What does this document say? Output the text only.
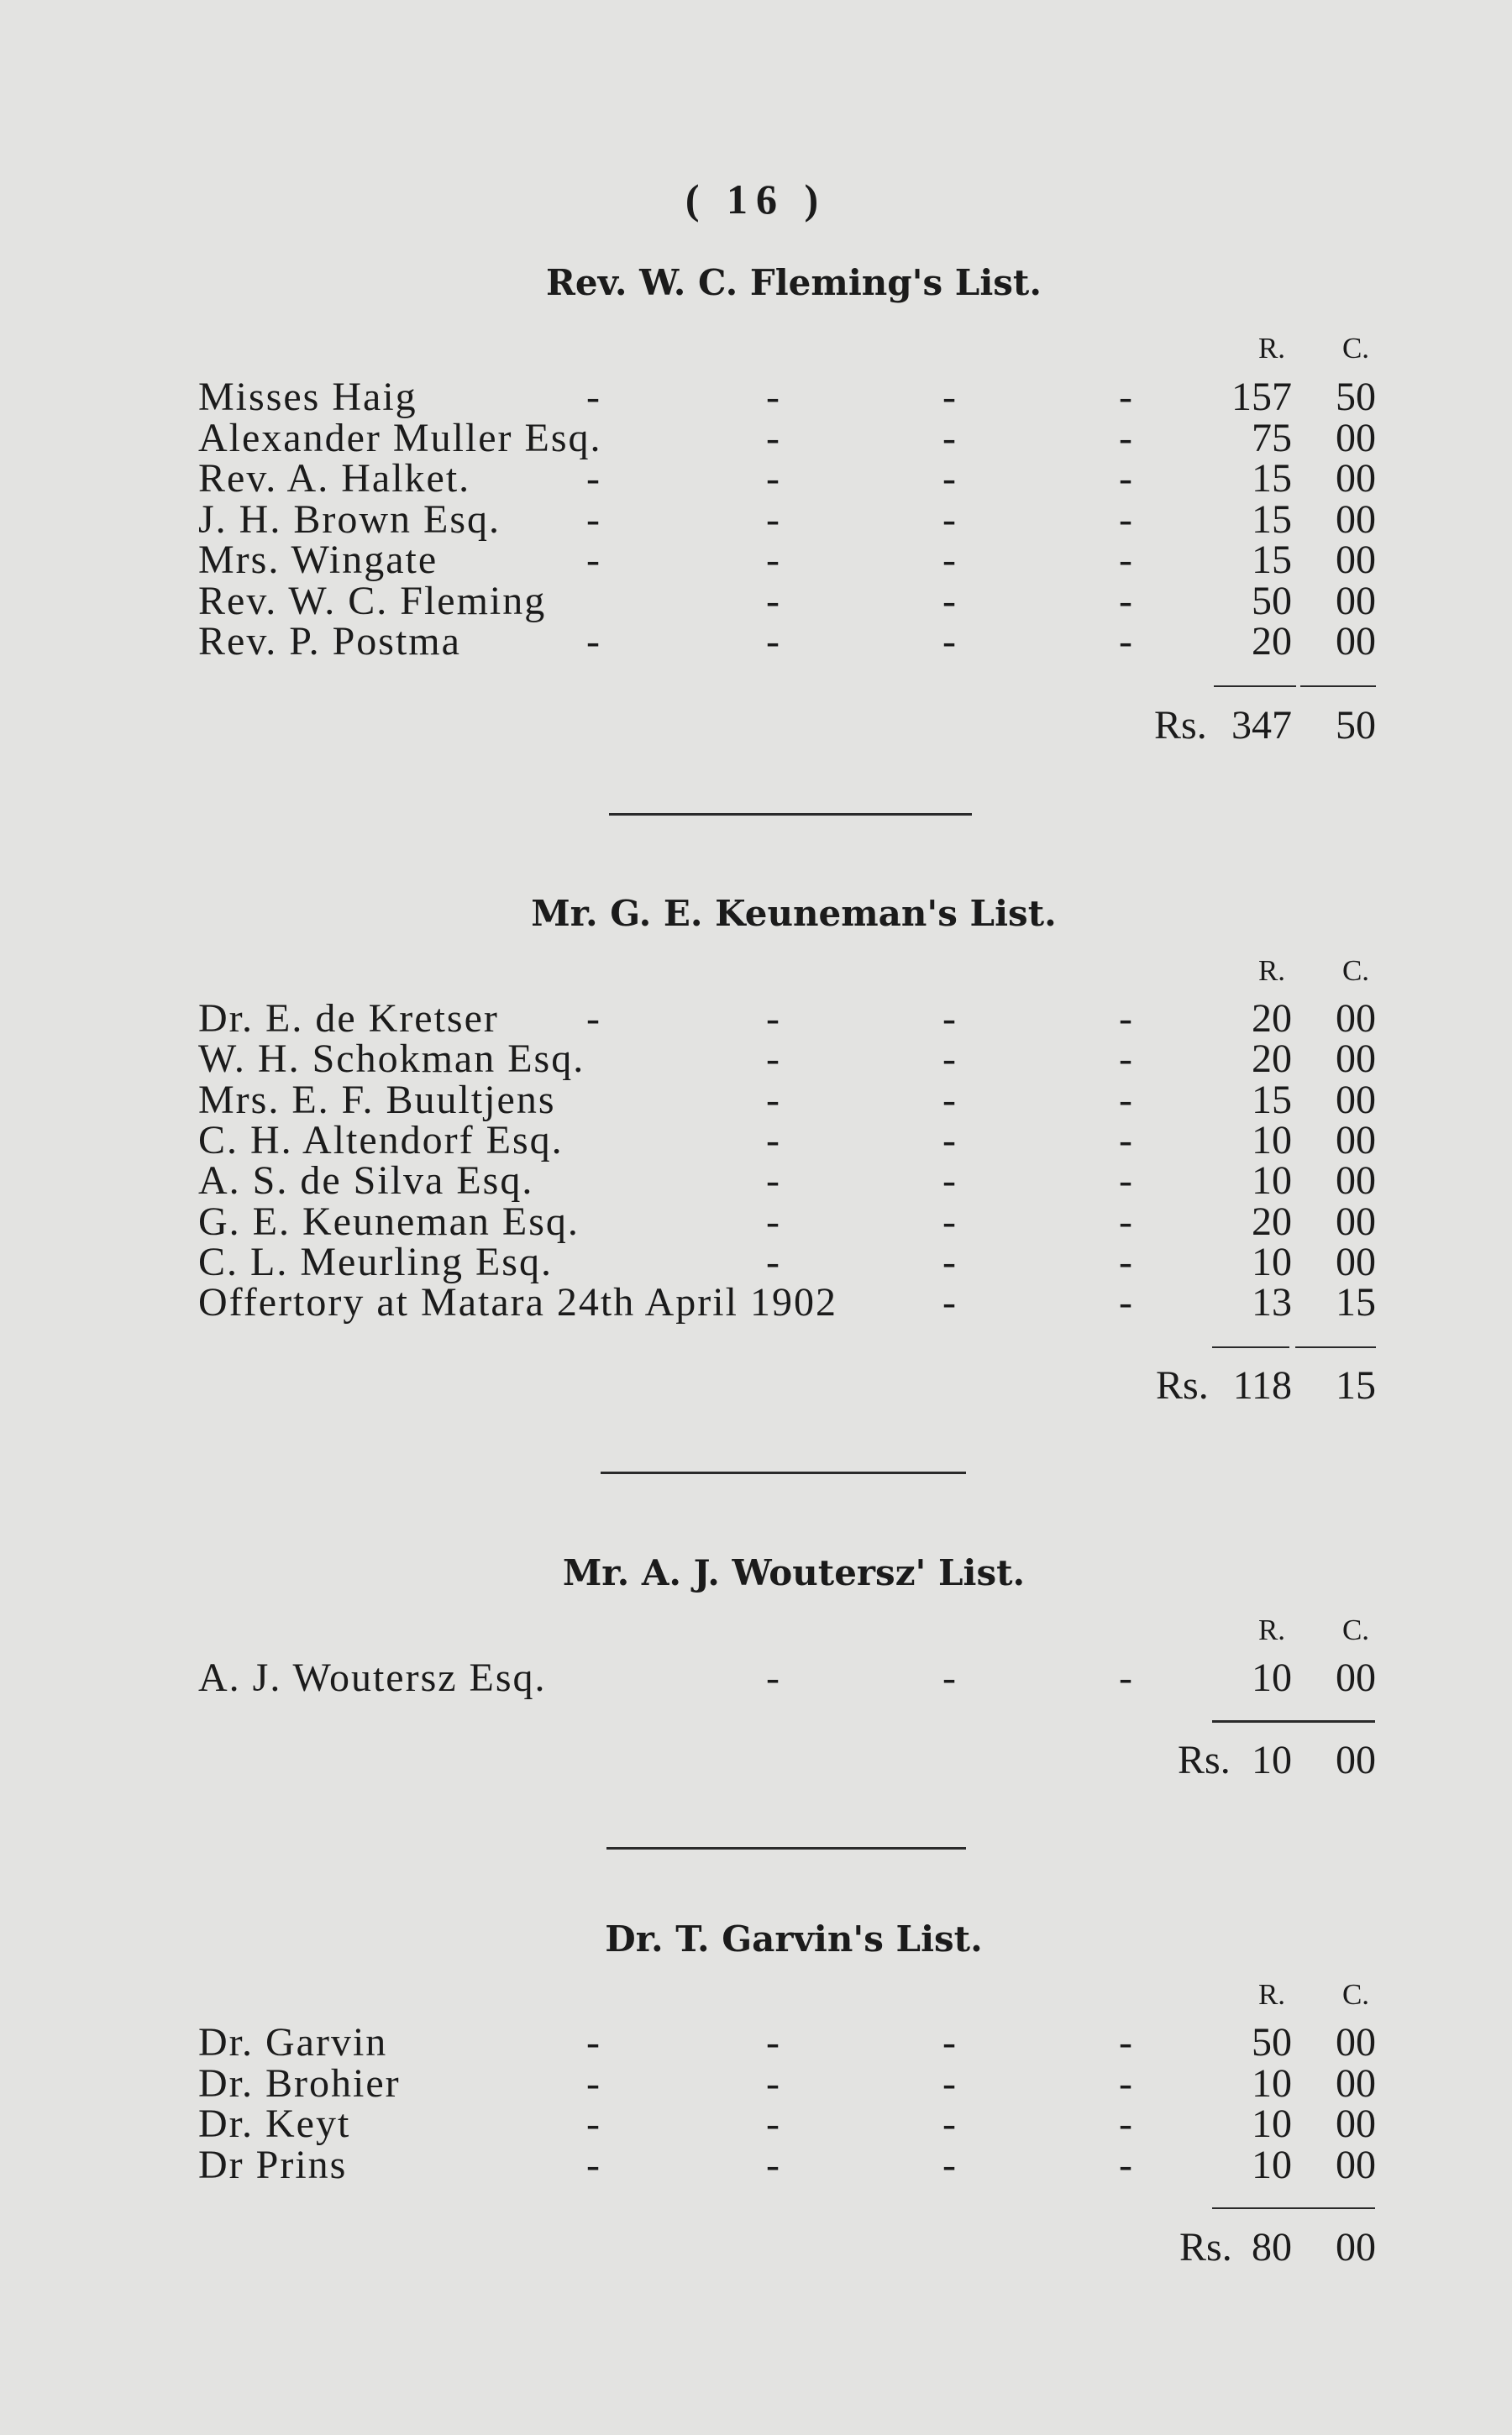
( 16 )
Rev. W. C. Fleming's List.
R. C.
Misses Haig	-	-	-	- 157 50
Alexander Muller Esq.	-	-	-	75 00
Rev. A. Halket.	-	-	-	-	15 00
J. H. Brown Esq. -	-	-	-	15 00
Mrs. Wingate	-	-	-	-	15 00
Rev. W. C. Fleming	-	-	-	50 00
Rev. P. Postma	-	-	-	-	20 00
Rs. 347 50
Mr. G. E. Keuneman's List.
R. C.
Dr. E. de Kretser -	-	-	-	20 00
W. H. Schokman Esq.	-	-	-	20 00
Mrs. E. F. Buultjens	-	-	-	15 00
C. H. Altendorf Esq.	-	-	-	10 00
A. S. de Silva Esq.	-	-	-	10 00
G. E. Keuneman Esq.	-	-	-	20 00
C. L. Meurling Esq.	-	-	-	10 00
Offertory at Matara 24th April 1902	-	-	13 15
Rs. 118 15
Mr. A. J. Woutersz' List.
R. C.
A. J. Woutersz Esq.	-	-	-	10 00
Rs. 10 00
Dr. T. Garvin's List.
R. C.
Dr. Garvin	-	-	-	-	50 00
Dr. Brohier	-	-	-	-	10 00
Dr. Keyt	-	-	-	-	10 00
Dr Prins	-	-	-	-	10 00
Rs. 80 00
